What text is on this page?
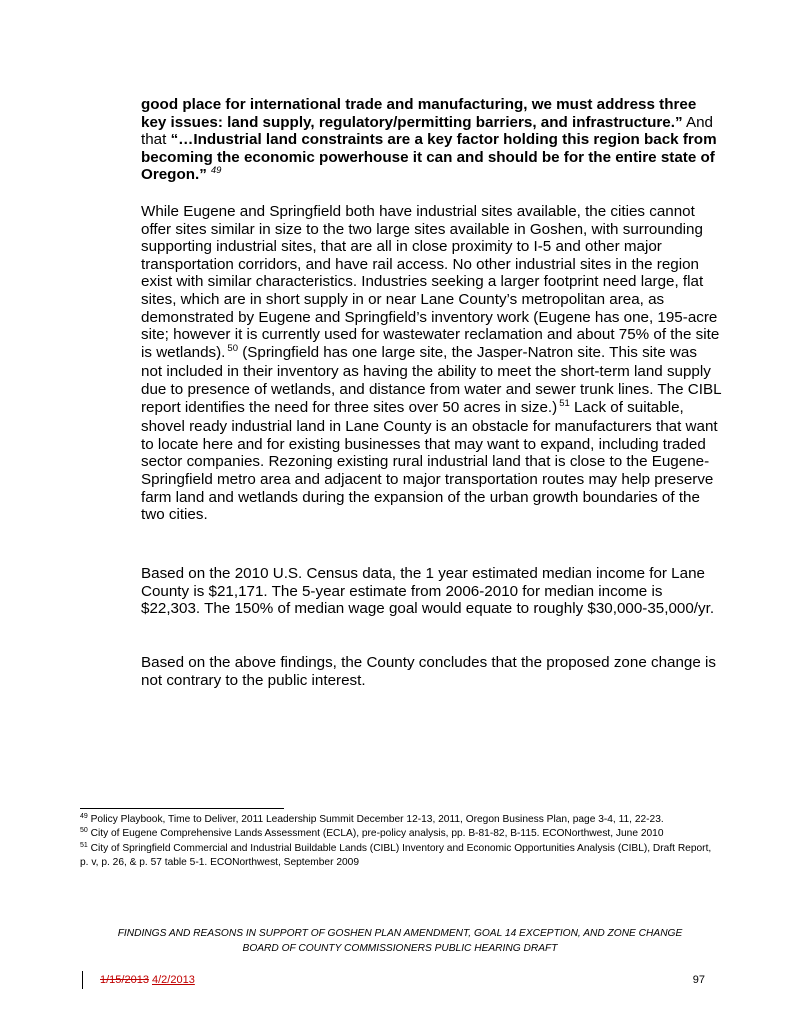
good place for international trade and manufacturing, we must address three key issues: land supply, regulatory/permitting barriers, and infrastructure.” And that “…Industrial land constraints are a key factor holding this region back from becoming the economic powerhouse it can and should be for the entire state of Oregon.” $^{49}$
While Eugene and Springfield both have industrial sites available, the cities cannot offer sites similar in size to the two large sites available in Goshen, with surrounding supporting industrial sites, that are all in close proximity to I-5 and other major transportation corridors, and have rail access. No other industrial sites in the region exist with similar characteristics. Industries seeking a larger footprint need large, flat sites, which are in short supply in or near Lane County’s metropolitan area, as demonstrated by Eugene and Springfield’s inventory work (Eugene has one, 195-acre site; however it is currently used for wastewater reclamation and about 75% of the site is wetlands). $^{50}$ (Springfield has one large site, the Jasper-Natron site. This site was not included in their inventory as having the ability to meet the short-term land supply due to presence of wetlands, and distance from water and sewer trunk lines. The CIBL report identifies the need for three sites over 50 acres in size.) $^{51}$ Lack of suitable, shovel ready industrial land in Lane County is an obstacle for manufacturers that want to locate here and for existing businesses that may want to expand, including traded sector companies. Rezoning existing rural industrial land that is close to the Eugene-Springfield metro area and adjacent to major transportation routes may help preserve farm land and wetlands during the expansion of the urban growth boundaries of the two cities.
Based on the 2010 U.S. Census data, the 1 year estimated median income for Lane County is $21,171. The 5-year estimate from 2006-2010 for median income is $22,303. The 150% of median wage goal would equate to roughly $30,000-35,000/yr.
Based on the above findings, the County concludes that the proposed zone change is not contrary to the public interest.
$^{49}$ Policy Playbook, Time to Deliver, 2011 Leadership Summit December 12-13, 2011, Oregon Business Plan, page 3-4, 11, 22-23.
$^{50}$ City of Eugene Comprehensive Lands Assessment (ECLA), pre-policy analysis, pp. B-81-82, B-115. ECONorthwest, June 2010
$^{51}$ City of Springfield Commercial and Industrial Buildable Lands (CIBL) Inventory and Economic Opportunities Analysis (CIBL), Draft Report, p. v, p. 26, & p. 57 table 5-1. ECONorthwest, September 2009
FINDINGS AND REASONS IN SUPPORT OF GOSHEN PLAN AMENDMENT, GOAL 14 EXCEPTION, AND ZONE CHANGE
BOARD OF COUNTY COMMISSIONERS PUBLIC HEARING DRAFT
1/15/2013 4/2/2013	97
